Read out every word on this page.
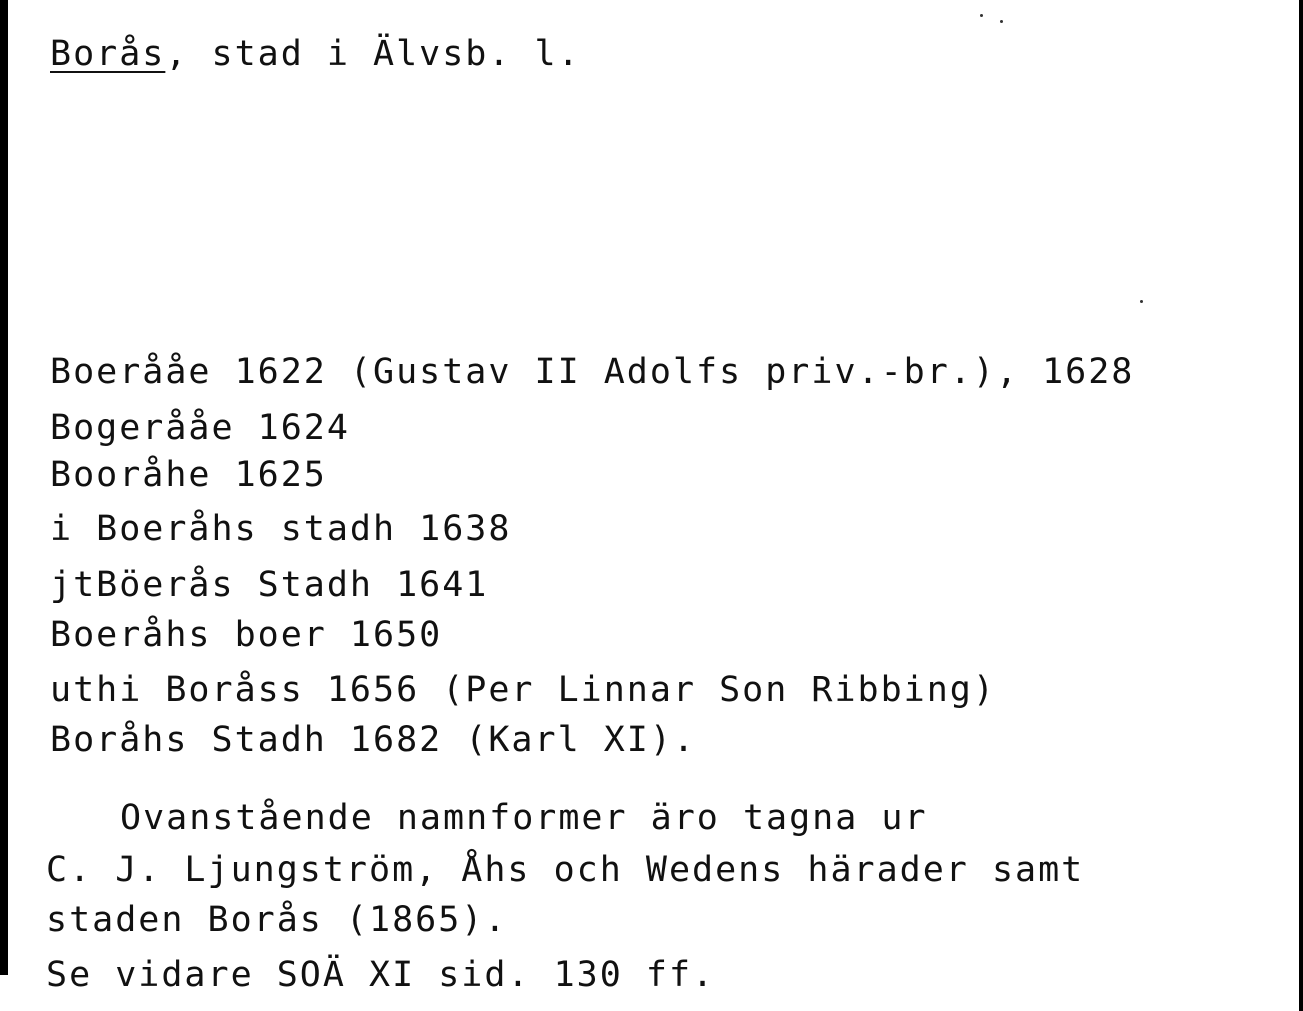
Borås, stad i Älvsb. l.
Boerååe 1622 (Gustav II Adolfs priv.-br.), 1628
Bogerååe 1624
Booråhe 1625
i Boeråhs stadh 1638
jtBöerås Stadh 1641
Boeråhs boer 1650
uthi Boråss 1656 (Per Linnar Son Ribbing)
Boråhs Stadh 1682 (Karl XI).
Ovanstående namnformer äro tagna ur
C. J. Ljungström, Åhs och Wedens härader samt
staden Borås (1865).
Se vidare SOÄ XI sid. 130 ff.
